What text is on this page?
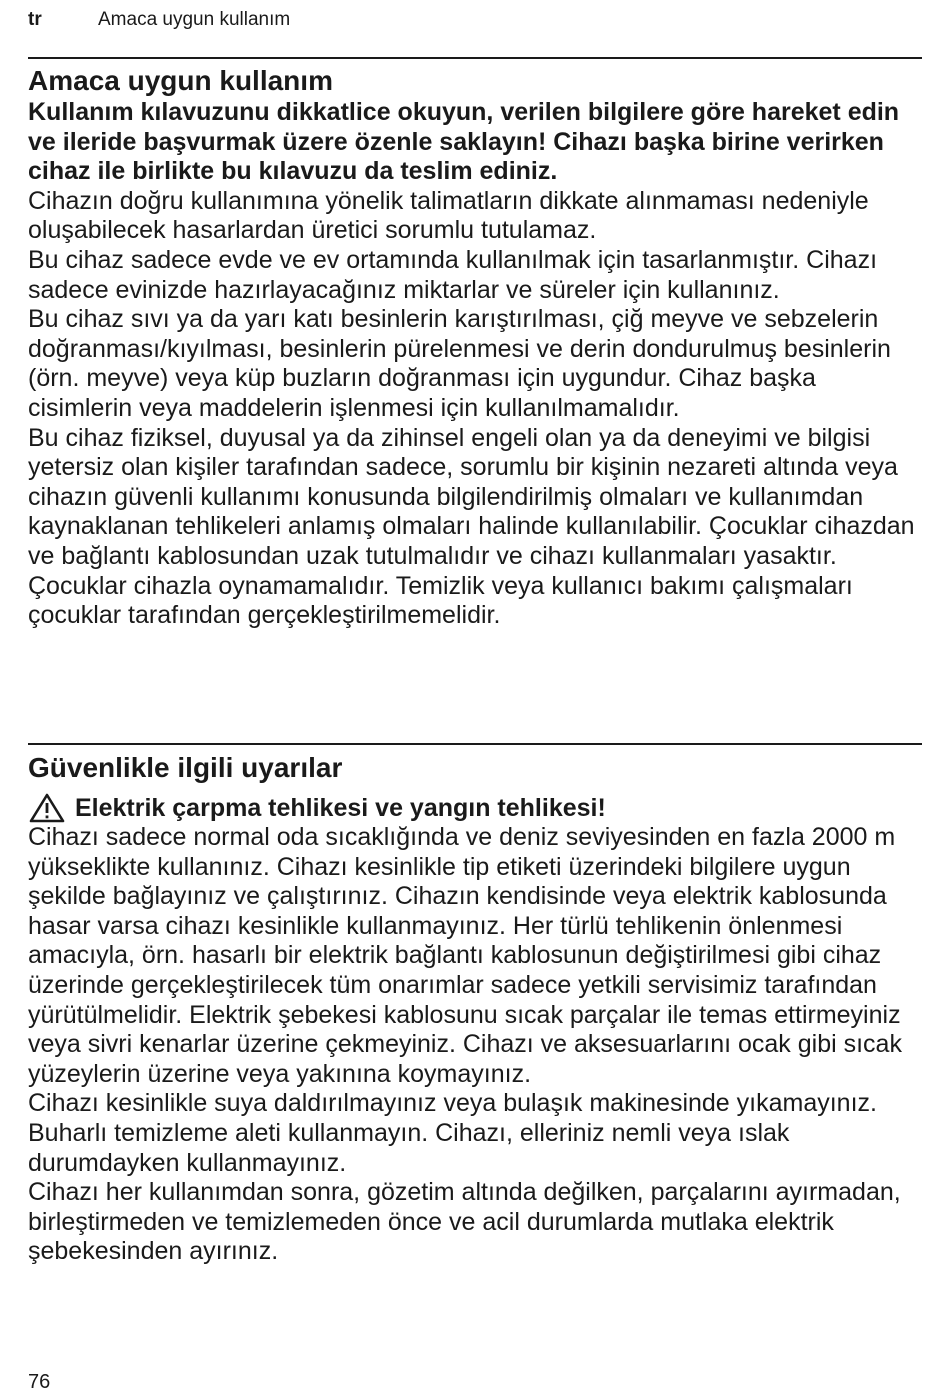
tr	Amaca uygun kullanım
Amaca uygun kullanım

Kullanım kılavuzunu dikkatlice okuyun, verilen bilgilere göre hareket edin ve ileride başvurmak üzere özenle saklayın! Cihazı başka birine verirken cihaz ile birlikte bu kılavuzu da teslim ediniz.

Cihazın doğru kullanımına yönelik talimatların dikkate alınmaması nedeniyle oluşabilecek hasarlardan üretici sorumlu tutulamaz.

Bu cihaz sadece evde ve ev ortamında kullanılmak için tasarlanmıştır. Cihazı sadece evinizde hazırlayacağınız miktarlar ve süreler için kullanınız.

Bu cihaz sıvı ya da yarı katı besinlerin karıştırılması, çiğ meyve ve sebzelerin doğranması/kıyılması, besinlerin pürelenmesi ve derin dondurulmuş besinlerin (örn. meyve) veya küp buzların doğranması için uygundur. Cihaz başka cisimlerin veya maddelerin işlenmesi için kullanılmamalıdır.

Bu cihaz fiziksel, duyusal ya da zihinsel engeli olan ya da deneyimi ve bilgisi yetersiz olan kişiler tarafından sadece, sorumlu bir kişinin nezareti altında veya cihazın güvenli kullanımı konusunda bilgilendirilmiş olmaları ve kullanımdan kaynaklanan tehlikeleri anlamış olmaları halinde kullanılabilir. Çocuklar cihazdan ve bağlantı kablosundan uzak tutulmalıdır ve cihazı kullanmaları yasaktır. Çocuklar cihazla oynamamalıdır. Temizlik veya kullanıcı bakımı çalışmaları çocuklar tarafından gerçekleştirilmemelidir.

Güvenlikle ilgili uyarılar

Elektrik çarpma tehlikesi ve yangın tehlikesi!

Cihazı sadece normal oda sıcaklığında ve deniz seviyesinden en fazla 2000 m yükseklikte kullanınız. Cihazı kesinlikle tip etiketi üzerindeki bilgilere uygun şekilde bağlayınız ve çalıştırınız. Cihazın kendisinde veya elektrik kablosunda hasar varsa cihazı kesinlikle kullanmayınız. Her türlü tehlikenin önlenmesi amacıyla, örn. hasarlı bir elektrik bağlantı kablosunun değiştirilmesi gibi cihaz üzerinde gerçekleştirilecek tüm onarımlar sadece yetkili servisimiz tarafından yürütülmelidir. Elektrik şebekesi kablosunu sıcak parçalar ile temas ettirmeyiniz veya sivri kenarlar üzerine çekmeyiniz. Cihazı ve aksesuarlarını ocak gibi sıcak yüzeylerin üzerine veya yakınına koymayınız.

Cihazı kesinlikle suya daldırılmayınız veya bulaşık makinesinde yıkamayınız. Buharlı temizleme aleti kullanmayın. Cihazı, elleriniz nemli veya ıslak durumdayken kullanmayınız.

Cihazı her kullanımdan sonra, gözetim altında değilken, parçalarını ayırmadan, birleştirmeden ve temizlemeden önce ve acil durumlarda mutlaka elektrik şebekesinden ayırınız.

76
